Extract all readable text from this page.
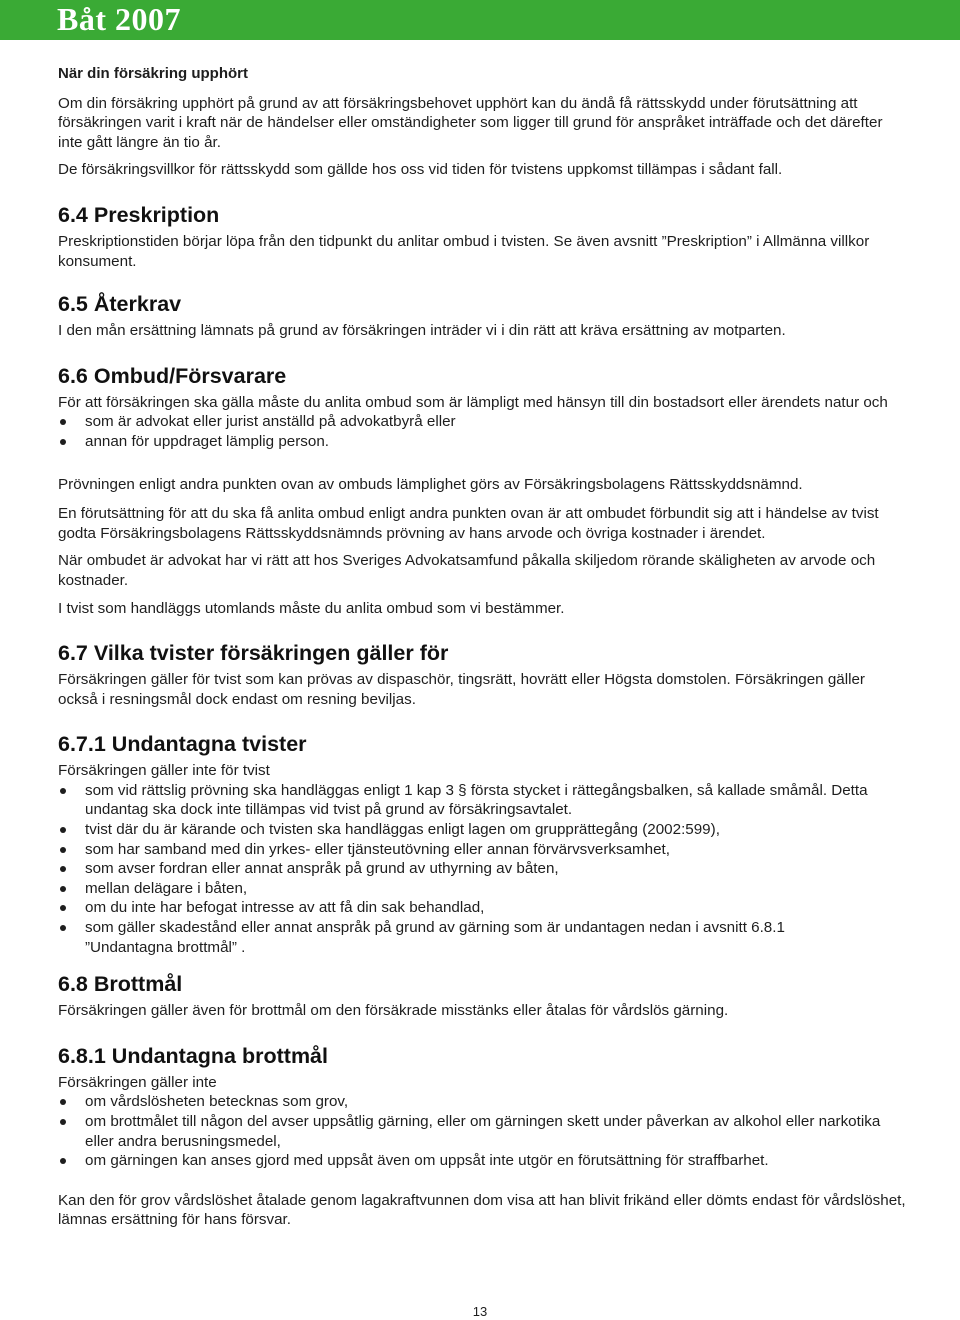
Båt 2007

När din försäkring upphört

Om din försäkring upphört på grund av att försäkringsbehovet upphört kan du ändå få rättsskydd under förutsättning att försäkringen varit i kraft när de händelser eller omständigheter som ligger till grund för anspråket inträffade och det därefter inte gått längre än tio år.

De försäkringsvillkor för rättsskydd som gällde hos oss vid tiden för tvistens uppkomst tillämpas i sådant fall.

6.4 Preskription

Preskriptionstiden börjar löpa från den tidpunkt du anlitar ombud i tvisten. Se även avsnitt ”Preskription” i Allmänna villkor konsument.

6.5 Återkrav

I den mån ersättning lämnats på grund av försäkringen inträder vi i din rätt att kräva ersättning av motparten.

6.6 Ombud/Försvarare

För att försäkringen ska gälla måste du anlita ombud som är lämpligt med hänsyn till din bostadsort eller ärendets natur och

som är advokat eller jurist anställd på advokatbyrå eller
annan för uppdraget lämplig person.

Prövningen enligt andra punkten ovan av ombuds lämplighet görs av Försäkringsbolagens Rättsskyddsnämnd.

En förutsättning för att du ska få anlita ombud enligt andra punkten ovan är att ombudet förbundit sig att i händelse av tvist godta Försäkringsbolagens Rättsskyddsnämnds prövning av hans arvode och övriga kostnader i ärendet.

När ombudet är advokat har vi rätt att hos Sveriges Advokatsamfund påkalla skiljedom rörande skäligheten av arvode och kostnader.

I tvist som handläggs utomlands måste du anlita ombud som vi bestämmer.

6.7 Vilka tvister försäkringen gäller för

Försäkringen gäller för tvist som kan prövas av dispaschör, tingsrätt, hovrätt eller Högsta domstolen. Försäkringen gäller också i resningsmål dock endast om resning beviljas.

6.7.1 Undantagna tvister

Försäkringen gäller inte för tvist

som vid rättslig prövning ska handläggas enligt 1 kap 3 § första stycket i rättegångsbalken, så kallade småmål. Detta undantag ska dock inte tillämpas vid tvist på grund av försäkringsavtalet.
tvist där du är kärande och tvisten ska handläggas enligt lagen om grupprättegång (2002:599),
som har samband med din yrkes- eller tjänsteutövning eller annan förvärvsverksamhet,
som avser fordran eller annat anspråk på grund av uthyrning av båten,
mellan delägare i båten,
om du inte har befogat intresse av att få din sak behandlad,
som gäller skadestånd eller annat anspråk på grund av gärning som är undantagen nedan i avsnitt 6.8.1 ”Undantagna brottmål” .
6.8 Brottmål

Försäkringen gäller även för brottmål om den försäkrade misstänks eller åtalas för vårdslös gärning.

6.8.1 Undantagna brottmål

Försäkringen gäller inte

om vårdslösheten betecknas som grov,
om brottmålet till någon del avser uppsåtlig gärning, eller om gärningen skett under påverkan av alkohol eller narkotika eller andra berusningsmedel,
om gärningen kan anses gjord med uppsåt även om uppsåt inte utgör en förutsättning för straffbarhet.

Kan den för grov vårdslöshet åtalade genom lagakraftvunnen dom visa att han blivit frikänd eller dömts endast för vårdslöshet, lämnas ersättning för hans försvar.

13
